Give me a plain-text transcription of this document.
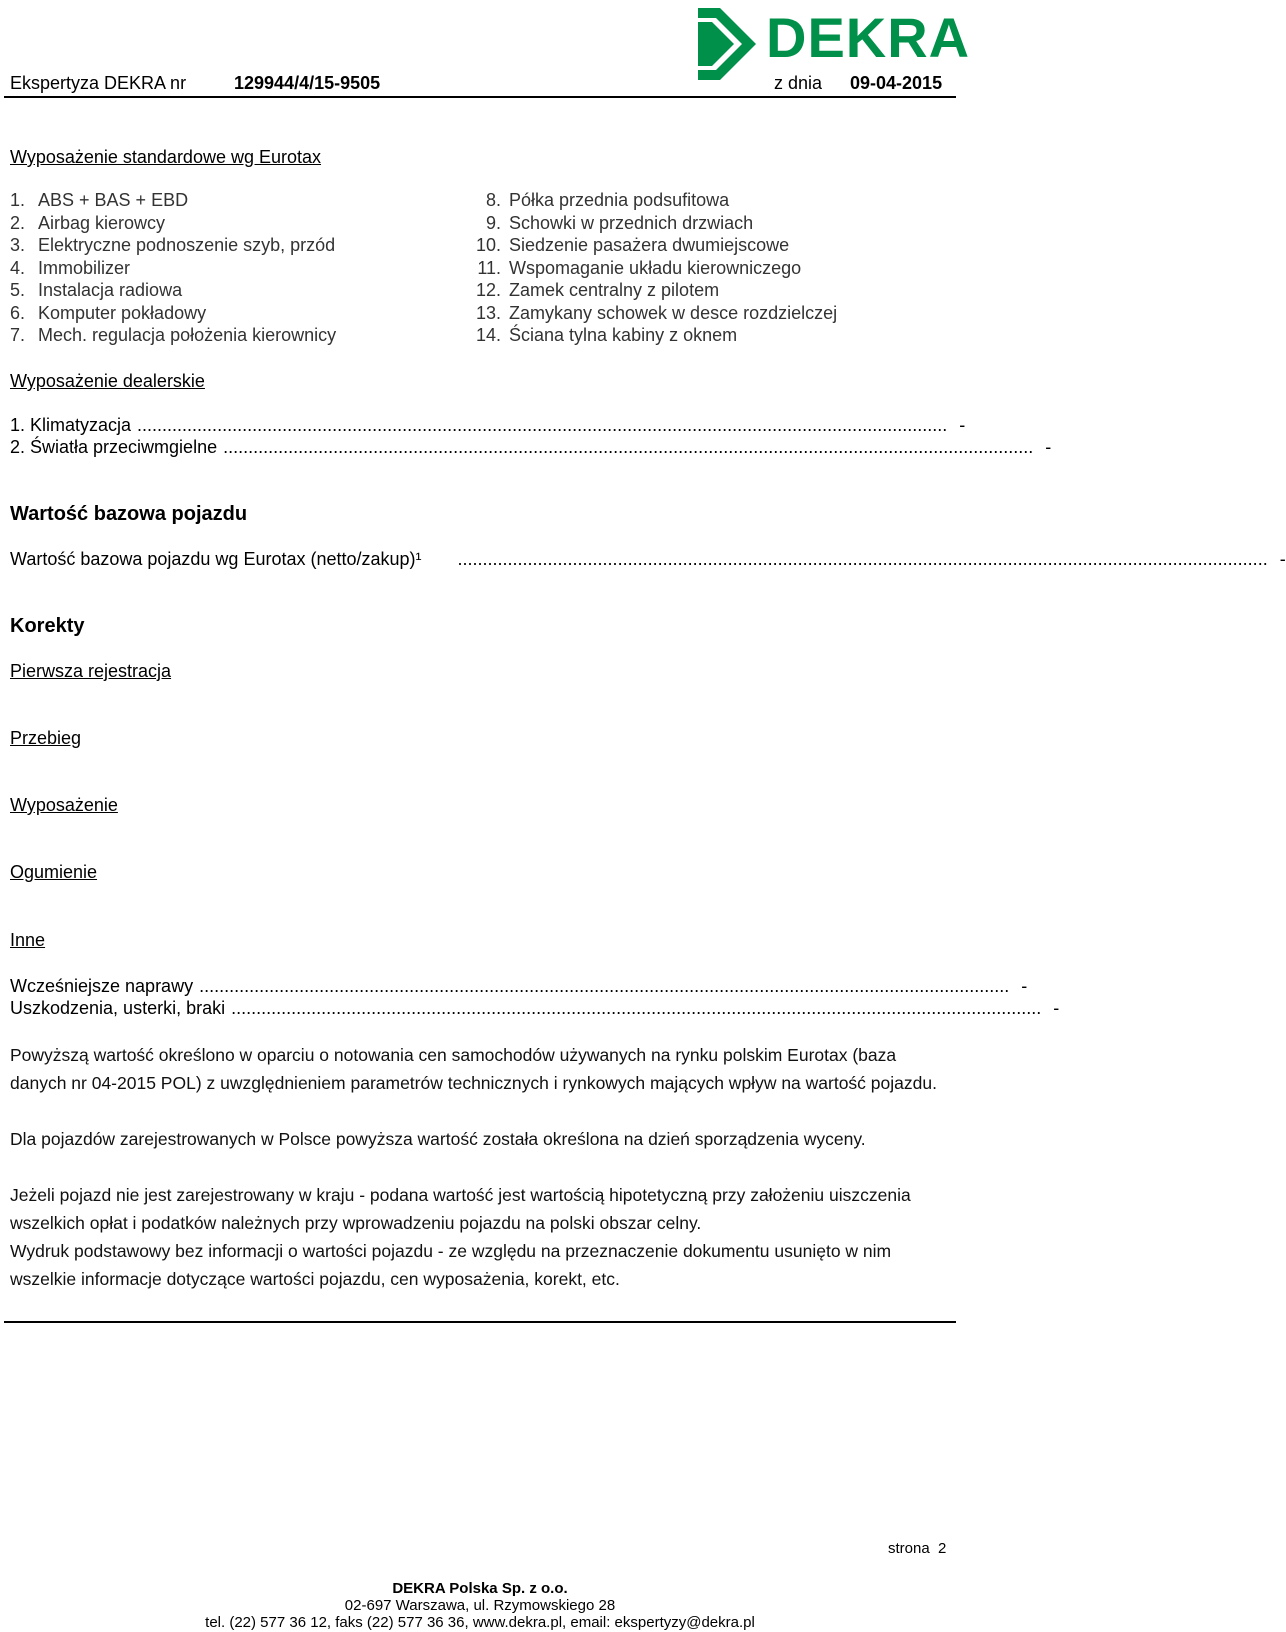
DEKRA
Ekspertyza DEKRA nr	129944/4/15-9505	z dnia 09-04-2015
Wyposażenie standardowe wg Eurotax
1. ABS + BAS + EBD
2. Airbag kierowcy
3. Elektryczne podnoszenie szyb, przód
4. Immobilizer
5. Instalacja radiowa
6. Komputer pokładowy
7. Mech. regulacja położenia kierownicy
8. Półka przednia podsufitowa
9. Schowki w przednich drzwiach
10. Siedzenie pasażera dwumiejscowe
11. Wspomaganie układu kierowniczego
12. Zamek centralny z pilotem
13. Zamykany schowek w desce rozdzielczej
14. Ściana tylna kabiny z oknem
Wyposażenie dealerskie
1. Klimatyzacja .................................................................................................................................................................. -
2. Światła przeciwmgielne .................................................................................................................................................................. -
Wartość bazowa pojazdu
Wartość bazowa pojazdu wg Eurotax (netto/zakup)¹ .................................................................................................................................................................. -
Korekty
Pierwsza rejestracja
Przebieg
Wyposażenie
Ogumienie
Inne
Wcześniejsze naprawy .................................................................................................................................................................. -
Uszkodzenia, usterki, braki .................................................................................................................................................................. -
Powyższą wartość określono w oparciu o notowania cen samochodów używanych na rynku polskim Eurotax (baza danych nr 04-2015 POL) z uwzględnieniem parametrów technicznych i rynkowych mających wpływ na wartość pojazdu.
Dla pojazdów zarejestrowanych w Polsce powyższa wartość została określona na dzień sporządzenia wyceny.
Jeżeli pojazd nie jest zarejestrowany w kraju - podana wartość jest wartością hipotetyczną przy założeniu uiszczenia wszelkich opłat i podatków należnych przy wprowadzeniu pojazdu na polski obszar celny.
Wydruk podstawowy bez informacji o wartości pojazdu - ze względu na przeznaczenie dokumentu usunięto w nim wszelkie informacje dotyczące wartości pojazdu, cen wyposażenia, korekt, etc.
strona 2
DEKRA Polska Sp. z o.o.
02-697 Warszawa, ul. Rzymowskiego 28
tel. (22) 577 36 12, faks (22) 577 36 36, www.dekra.pl, email: ekspertyzy@dekra.pl
